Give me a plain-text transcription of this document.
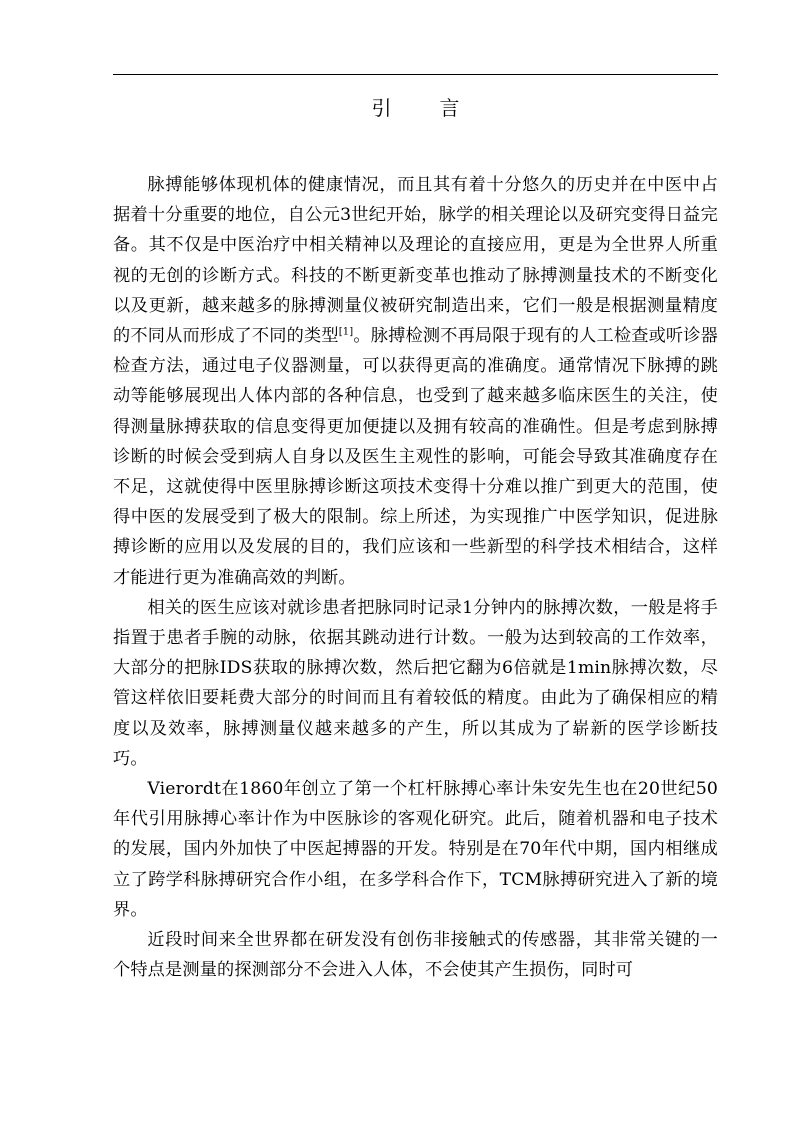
引 言

脉搏能够体现机体的健康情况，而且其有着十分悠久的历史并在中医中占据着十分重要的地位，自公元3世纪开始，脉学的相关理论以及研究变得日益完备。其不仅是中医治疗中相关精神以及理论的直接应用，更是为全世界人所重视的无创的诊断方式。科技的不断更新变革也推动了脉搏测量技术的不断变化以及更新，越来越多的脉搏测量仪被研究制造出来，它们一般是根据测量精度的不同从而形成了不同的类型[1]。脉搏检测不再局限于现有的人工检查或听诊器检查方法，通过电子仪器测量，可以获得更高的准确度。通常情况下脉搏的跳动等能够展现出人体内部的各种信息，也受到了越来越多临床医生的关注，使得测量脉搏获取的信息变得更加便捷以及拥有较高的准确性。但是考虑到脉搏诊断的时候会受到病人自身以及医生主观性的影响，可能会导致其准确度存在不足，这就使得中医里脉搏诊断这项技术变得十分难以推广到更大的范围，使得中医的发展受到了极大的限制。综上所述，为实现推广中医学知识，促进脉搏诊断的应用以及发展的目的，我们应该和一些新型的科学技术相结合，这样才能进行更为准确高效的判断。

相关的医生应该对就诊患者把脉同时记录1分钟内的脉搏次数，一般是将手指置于患者手腕的动脉，依据其跳动进行计数。一般为达到较高的工作效率，大部分的把脉IDS获取的脉搏次数，然后把它翻为6倍就是1min脉搏次数，尽管这样依旧要耗费大部分的时间而且有着较低的精度。由此为了确保相应的精度以及效率，脉搏测量仪越来越多的产生，所以其成为了崭新的医学诊断技巧。

Vierordt在1860年创立了第一个杠杆脉搏心率计朱安先生也在20世纪50年代引用脉搏心率计作为中医脉诊的客观化研究。此后，随着机器和电子技术的发展，国内外加快了中医起搏器的开发。特别是在70年代中期，国内相继成立了跨学科脉搏研究合作小组，在多学科合作下，TCM脉搏研究进入了新的境界。

近段时间来全世界都在研发没有创伤非接触式的传感器，其非常关键的一个特点是测量的探测部分不会进入人体，不会使其产生损伤，同时可
